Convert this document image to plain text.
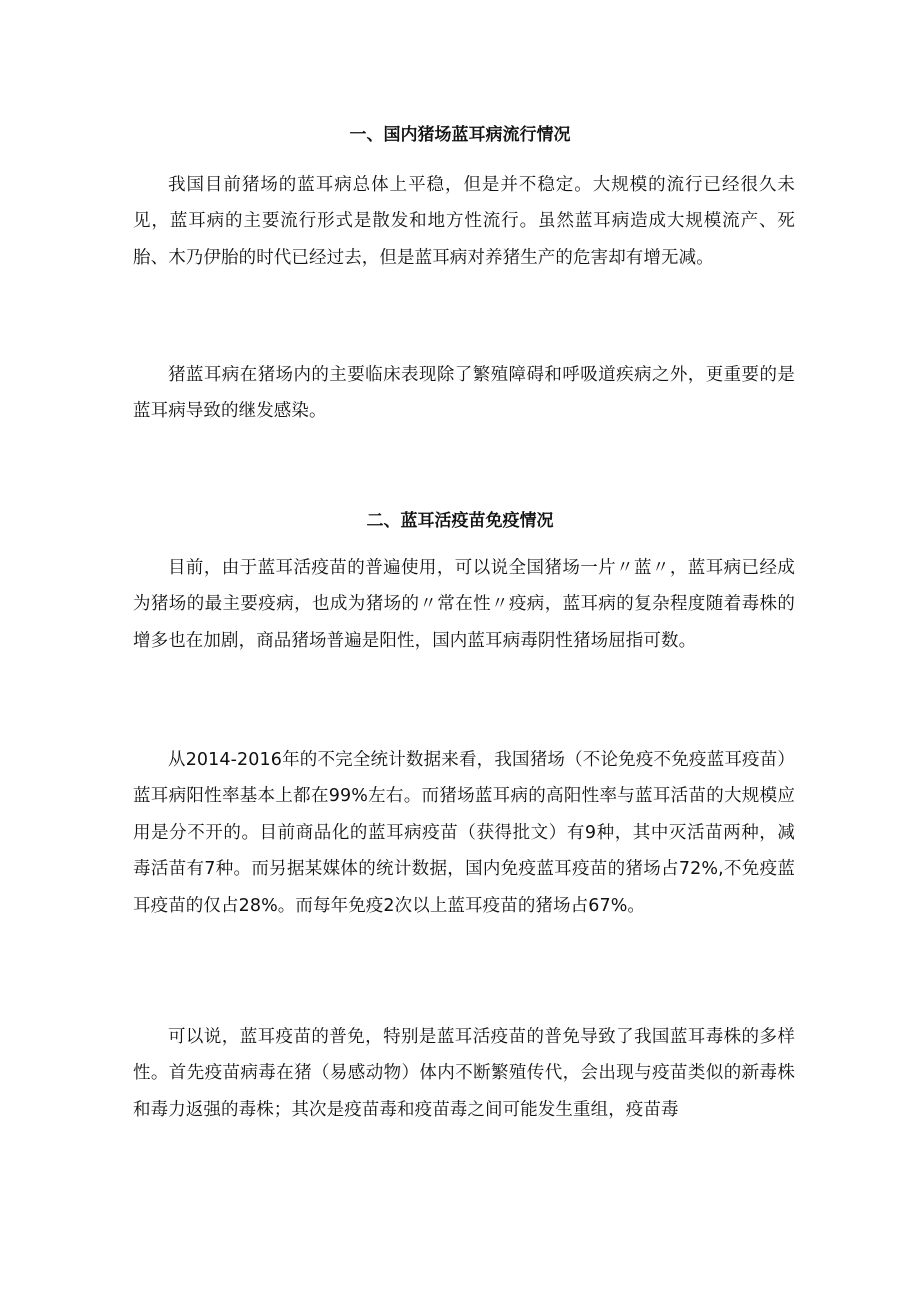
一、国内猪场蓝耳病流行情况

我国目前猪场的蓝耳病总体上平稳，但是并不稳定。大规模的流行已经很久未见，蓝耳病的主要流行形式是散发和地方性流行。虽然蓝耳病造成大规模流产、死胎、木乃伊胎的时代已经过去，但是蓝耳病对养猪生产的危害却有增无减。

猪蓝耳病在猪场内的主要临床表现除了繁殖障碍和呼吸道疾病之外，更重要的是蓝耳病导致的继发感染。

二、蓝耳活疫苗免疫情况

目前，由于蓝耳活疫苗的普遍使用，可以说全国猪场一片〃蓝〃，蓝耳病已经成为猪场的最主要疫病，也成为猪场的〃常在性〃疫病，蓝耳病的复杂程度随着毒株的增多也在加剧，商品猪场普遍是阳性，国内蓝耳病毒阴性猪场屈指可数。

从2014-2016年的不完全统计数据来看，我国猪场（不论免疫不免疫蓝耳疫苗）蓝耳病阳性率基本上都在99%左右。而猪场蓝耳病的高阳性率与蓝耳活苗的大规模应用是分不开的。目前商品化的蓝耳病疫苗（获得批文）有9种，其中灭活苗两种，减毒活苗有7种。而另据某媒体的统计数据，国内免疫蓝耳疫苗的猪场占72%,不免疫蓝耳疫苗的仅占28%。而每年免疫2次以上蓝耳疫苗的猪场占67%。

可以说，蓝耳疫苗的普免，特别是蓝耳活疫苗的普免导致了我国蓝耳毒株的多样性。首先疫苗病毒在猪（易感动物）体内不断繁殖传代，会出现与疫苗类似的新毒株和毒力返强的毒株；其次是疫苗毒和疫苗毒之间可能发生重组，疫苗毒
